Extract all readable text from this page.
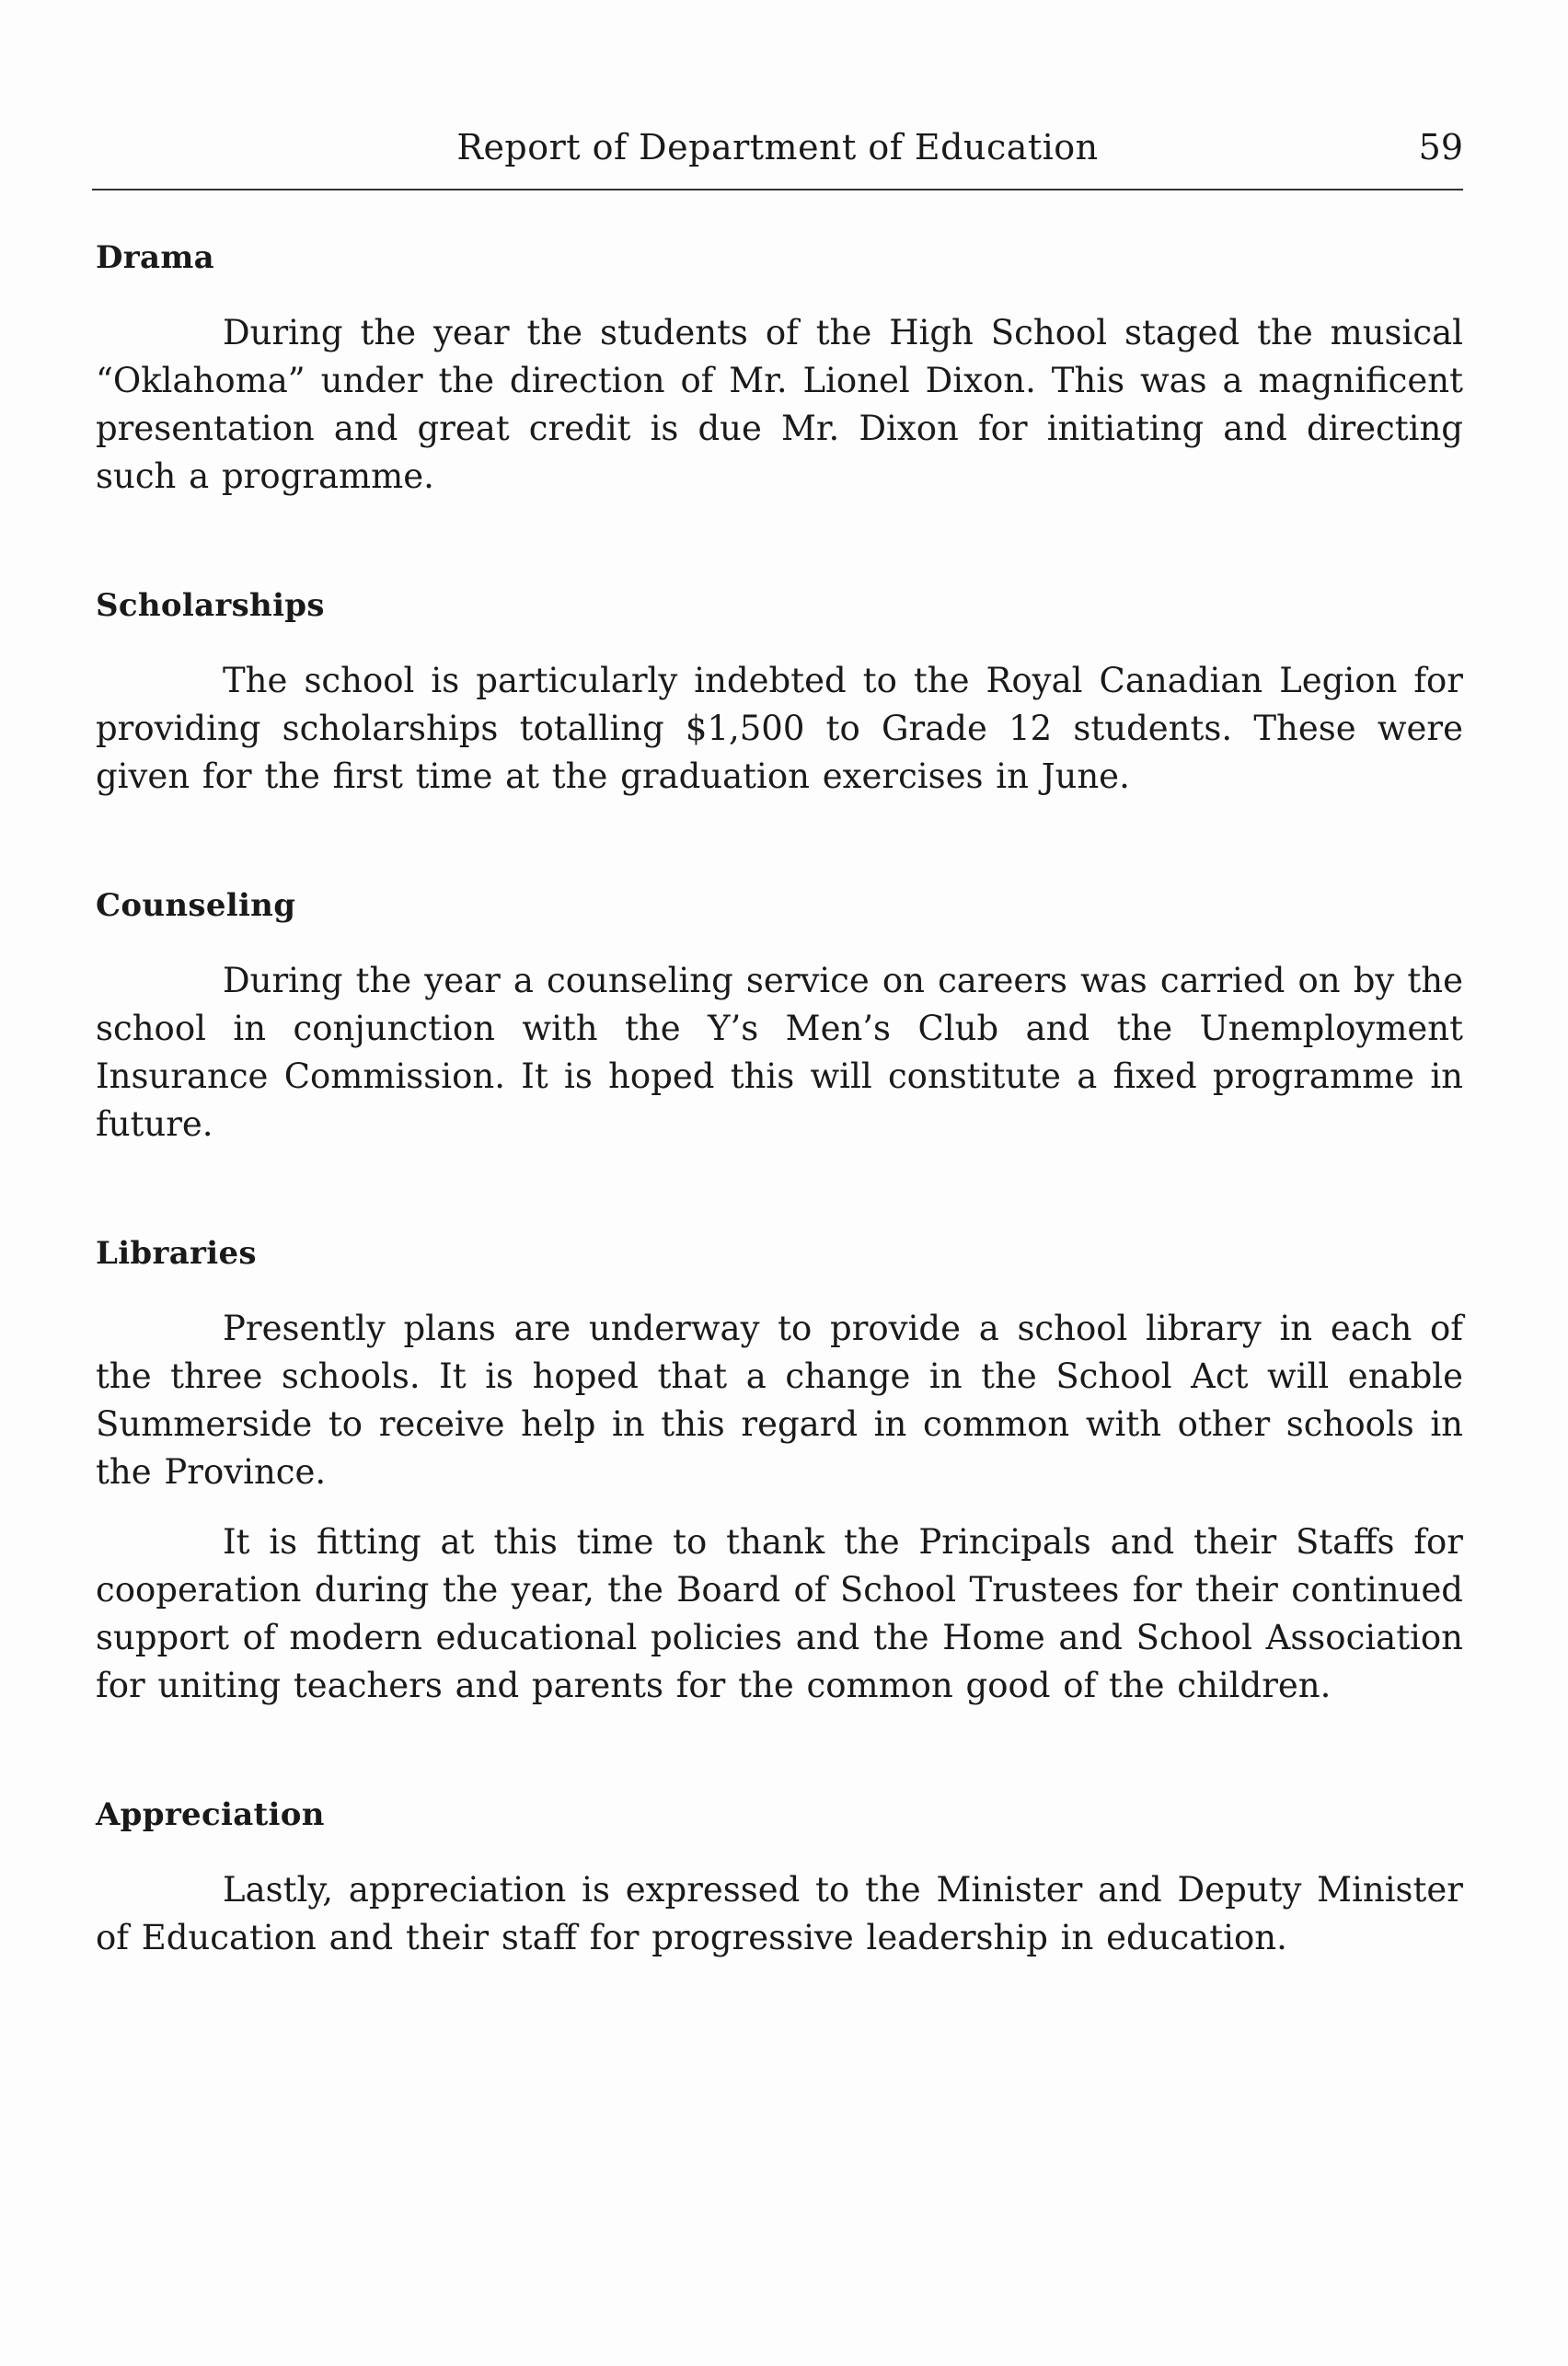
Report of Department of Education	59
Drama

During the year the students of the High School staged the musical “Oklahoma” under the direction of Mr. Lionel Dixon. This was a magnificent presentation and great credit is due Mr. Dixon for initiating and directing such a programme.

Scholarships

The school is particularly indebted to the Royal Canadian Legion for providing scholarships totalling $1,500 to Grade 12 students. These were given for the first time at the graduation exercises in June.

Counseling

During the year a counseling service on careers was carried on by the school in conjunction with the Y’s Men’s Club and the Unemployment Insurance Commission. It is hoped this will constitute a fixed programme in future.

Libraries

Presently plans are underway to provide a school library in each of the three schools. It is hoped that a change in the School Act will enable Summerside to receive help in this regard in common with other schools in the Province.

It is fitting at this time to thank the Principals and their Staffs for cooperation during the year, the Board of School Trustees for their continued support of modern educational policies and the Home and School Association for uniting teachers and parents for the common good of the children.

Appreciation

Lastly, appreciation is expressed to the Minister and Deputy Minister of Education and their staff for progressive leadership in education.
